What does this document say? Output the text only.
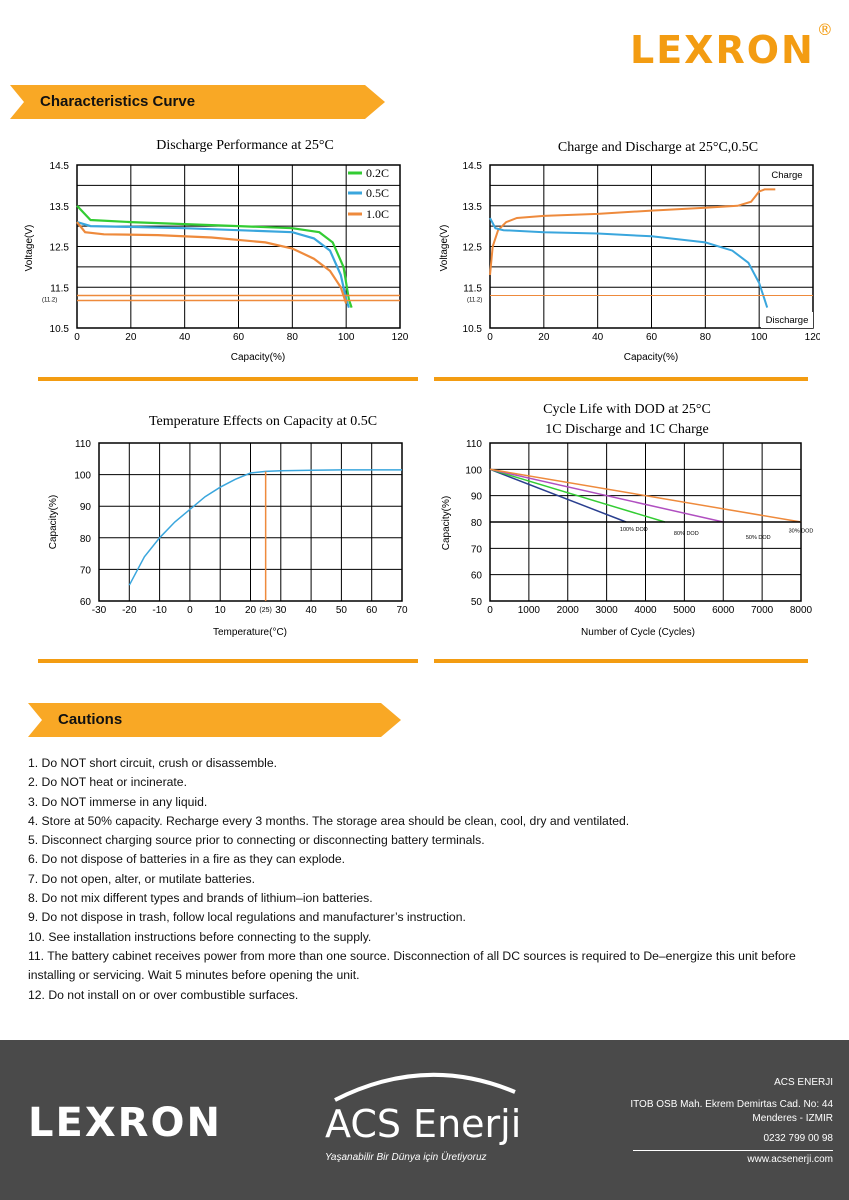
LEXRON ®
Characteristics Curve
Discharge Performance at 25°C
Voltage(V)
Capacity(%)
0.2C
0.5C
1.0C
0	20	40	60	80	100	120
14.5
13.5
12.5
11.5
10.5
(11.2)
Charge and Discharge at 25°C,0.5C
Voltage(V)
Capacity(%)
0	20	40	60	80	100	120
14.5
13.5
12.5
11.5
10.5
(11.2)
Charge
Discharge
Temperature Effects on Capacity at 0.5C
Capacity(%)
Temperature(°C)
-30 -20 -10 0 10 20 30 40 50 60 70
110
100
90
80
70
60
(25)
Cycle Life with DOD at 25°C
1C Discharge and 1C Charge
Capacity(%)
Number of Cycle (Cycles)
0 1000 2000 3000 4000 5000 6000 7000 8000
110
100
90
80
70
60
50
100% DOD
80% DOD
50% DOD
30% DOD
Cautions
1. Do NOT short circuit, crush or disassemble.
2. Do NOT heat or incinerate.
3. Do NOT immerse in any liquid.
4. Store at 50% capacity. Recharge every 3 months. The storage area should be clean, cool, dry and ventilated.
5. Disconnect charging source prior to connecting or disconnecting battery terminals.
6. Do not dispose of batteries in a fire as they can explode.
7. Do not open, alter, or mutilate batteries.
8. Do not mix different types and brands of lithium–ion batteries.
9. Do not dispose in trash, follow local regulations and manufacturer’s instruction.
10. See installation instructions before connecting to the supply.
11. The battery cabinet receives power from more than one source. Disconnection of all DC sources is required to De–energize this unit before installing or servicing. Wait 5 minutes before opening the unit.
12. Do not install on or over combustible surfaces.
LEXRON	ACS Enerji
Yaşanabilir Bir Dünya için Üretiyoruz
ACS ENERJI
ITOB OSB Mah. Ekrem Demirtas Cad. No: 44
Menderes - IZMIR
0232 799 00 98
www.acsenerji.com
